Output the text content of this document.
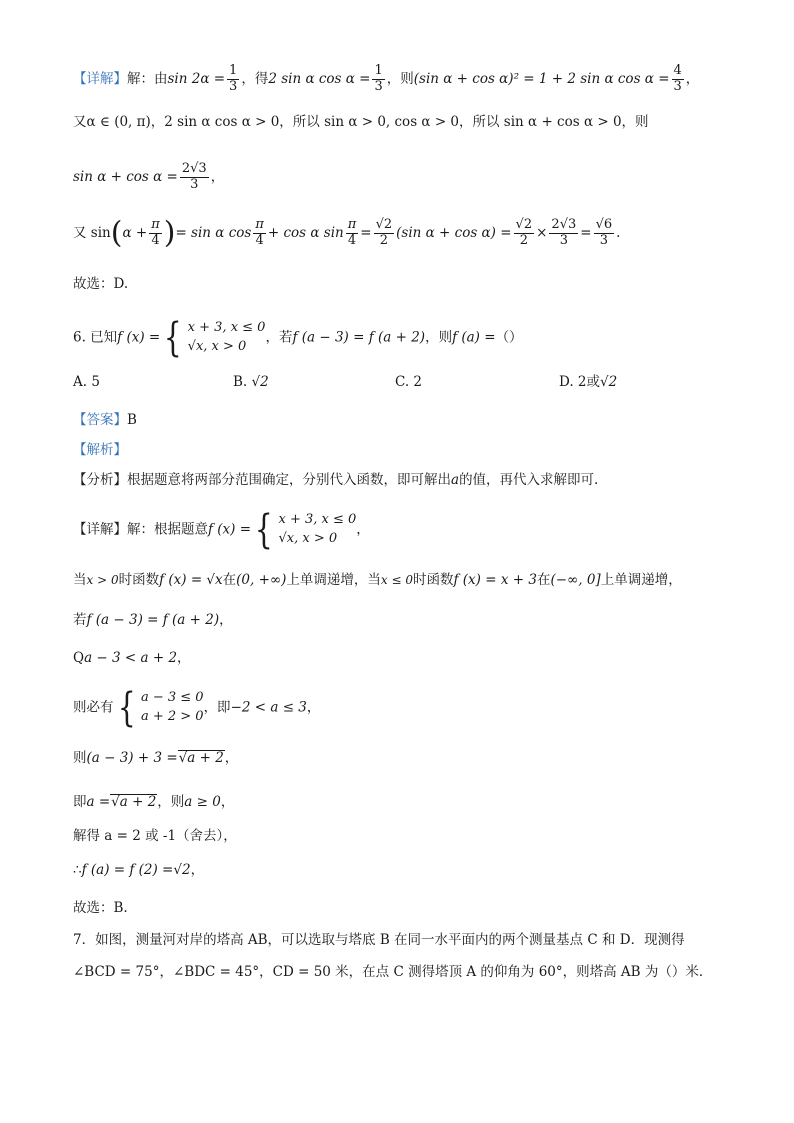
【详解】解：由$\sin 2\alpha = \frac{1}{3}$ ，得2 sin α $\cos \alpha = \frac{1}{3}$ ，则(sin α + cos α)² = 1 + 2 sin α $\cos \alpha = \frac{4}{3}$ ，
又α ∈ (0, π)，2 sin α cos α > 0，所以 sin α > 0, cos α > 0，所以 sin α + cos α > 0，则
$\sin \alpha + \cos \alpha = \frac{2√3}{3}$ ，
又 $\sin(\alpha + \frac{\pi}{4}$ )= sin α $\cos \frac{\pi}{4} + \cos \alpha$ $\sin \frac{\pi}{4} = \frac{√2}{2} (\sin$ $\alpha + \cos \alpha) = \frac{√2}{2} \times \frac{2√3}{3} = \frac{√6}{3}$ .
故选：D.
6. 已知f (x) = { x + 3, x ≤ 0
√x, x > 0
，若f (a − 3) = f (a + 2)，则f (a) =（）
A. 5	B. √2	C. 2	D. 2或√2
【答案】B
【解析】
【分析】根据题意将两部分范围确定，分别代入函数，即可解出a的值，再代入求解即可.
【详解】解：根据题意f (x) = { x + 3, x ≤ 0
√x, x > 0
，
当x > 0时函数f (x) = √x在(0, +∞)上单调递增，当x ≤ 0时函数f (x) = x + 3在(−∞, 0]上单调递增，
若f (a − 3) = f (a + 2)，
Qa − 3 < a + 2，
则必有 { a − 3 ≤ 0
a + 2 > 0
，即−2 < a ≤ 3，
则(a − 3) + 3 =√a + 2，
即a =√a + 2，则a ≥ 0，
解得 a = 2 或 -1（舍去），
∴f (a) = f (2) =√2，
故选：B.
7．如图，测量河对岸的塔高 AB，可以选取与塔底 B 在同一水平面内的两个测量基点 C 和 D．现测得
∠BCD = 75°，∠BDC = 45°，CD = 50 米，在点 C 测得塔顶 A 的仰角为 60°，则塔高 AB 为（）米．
